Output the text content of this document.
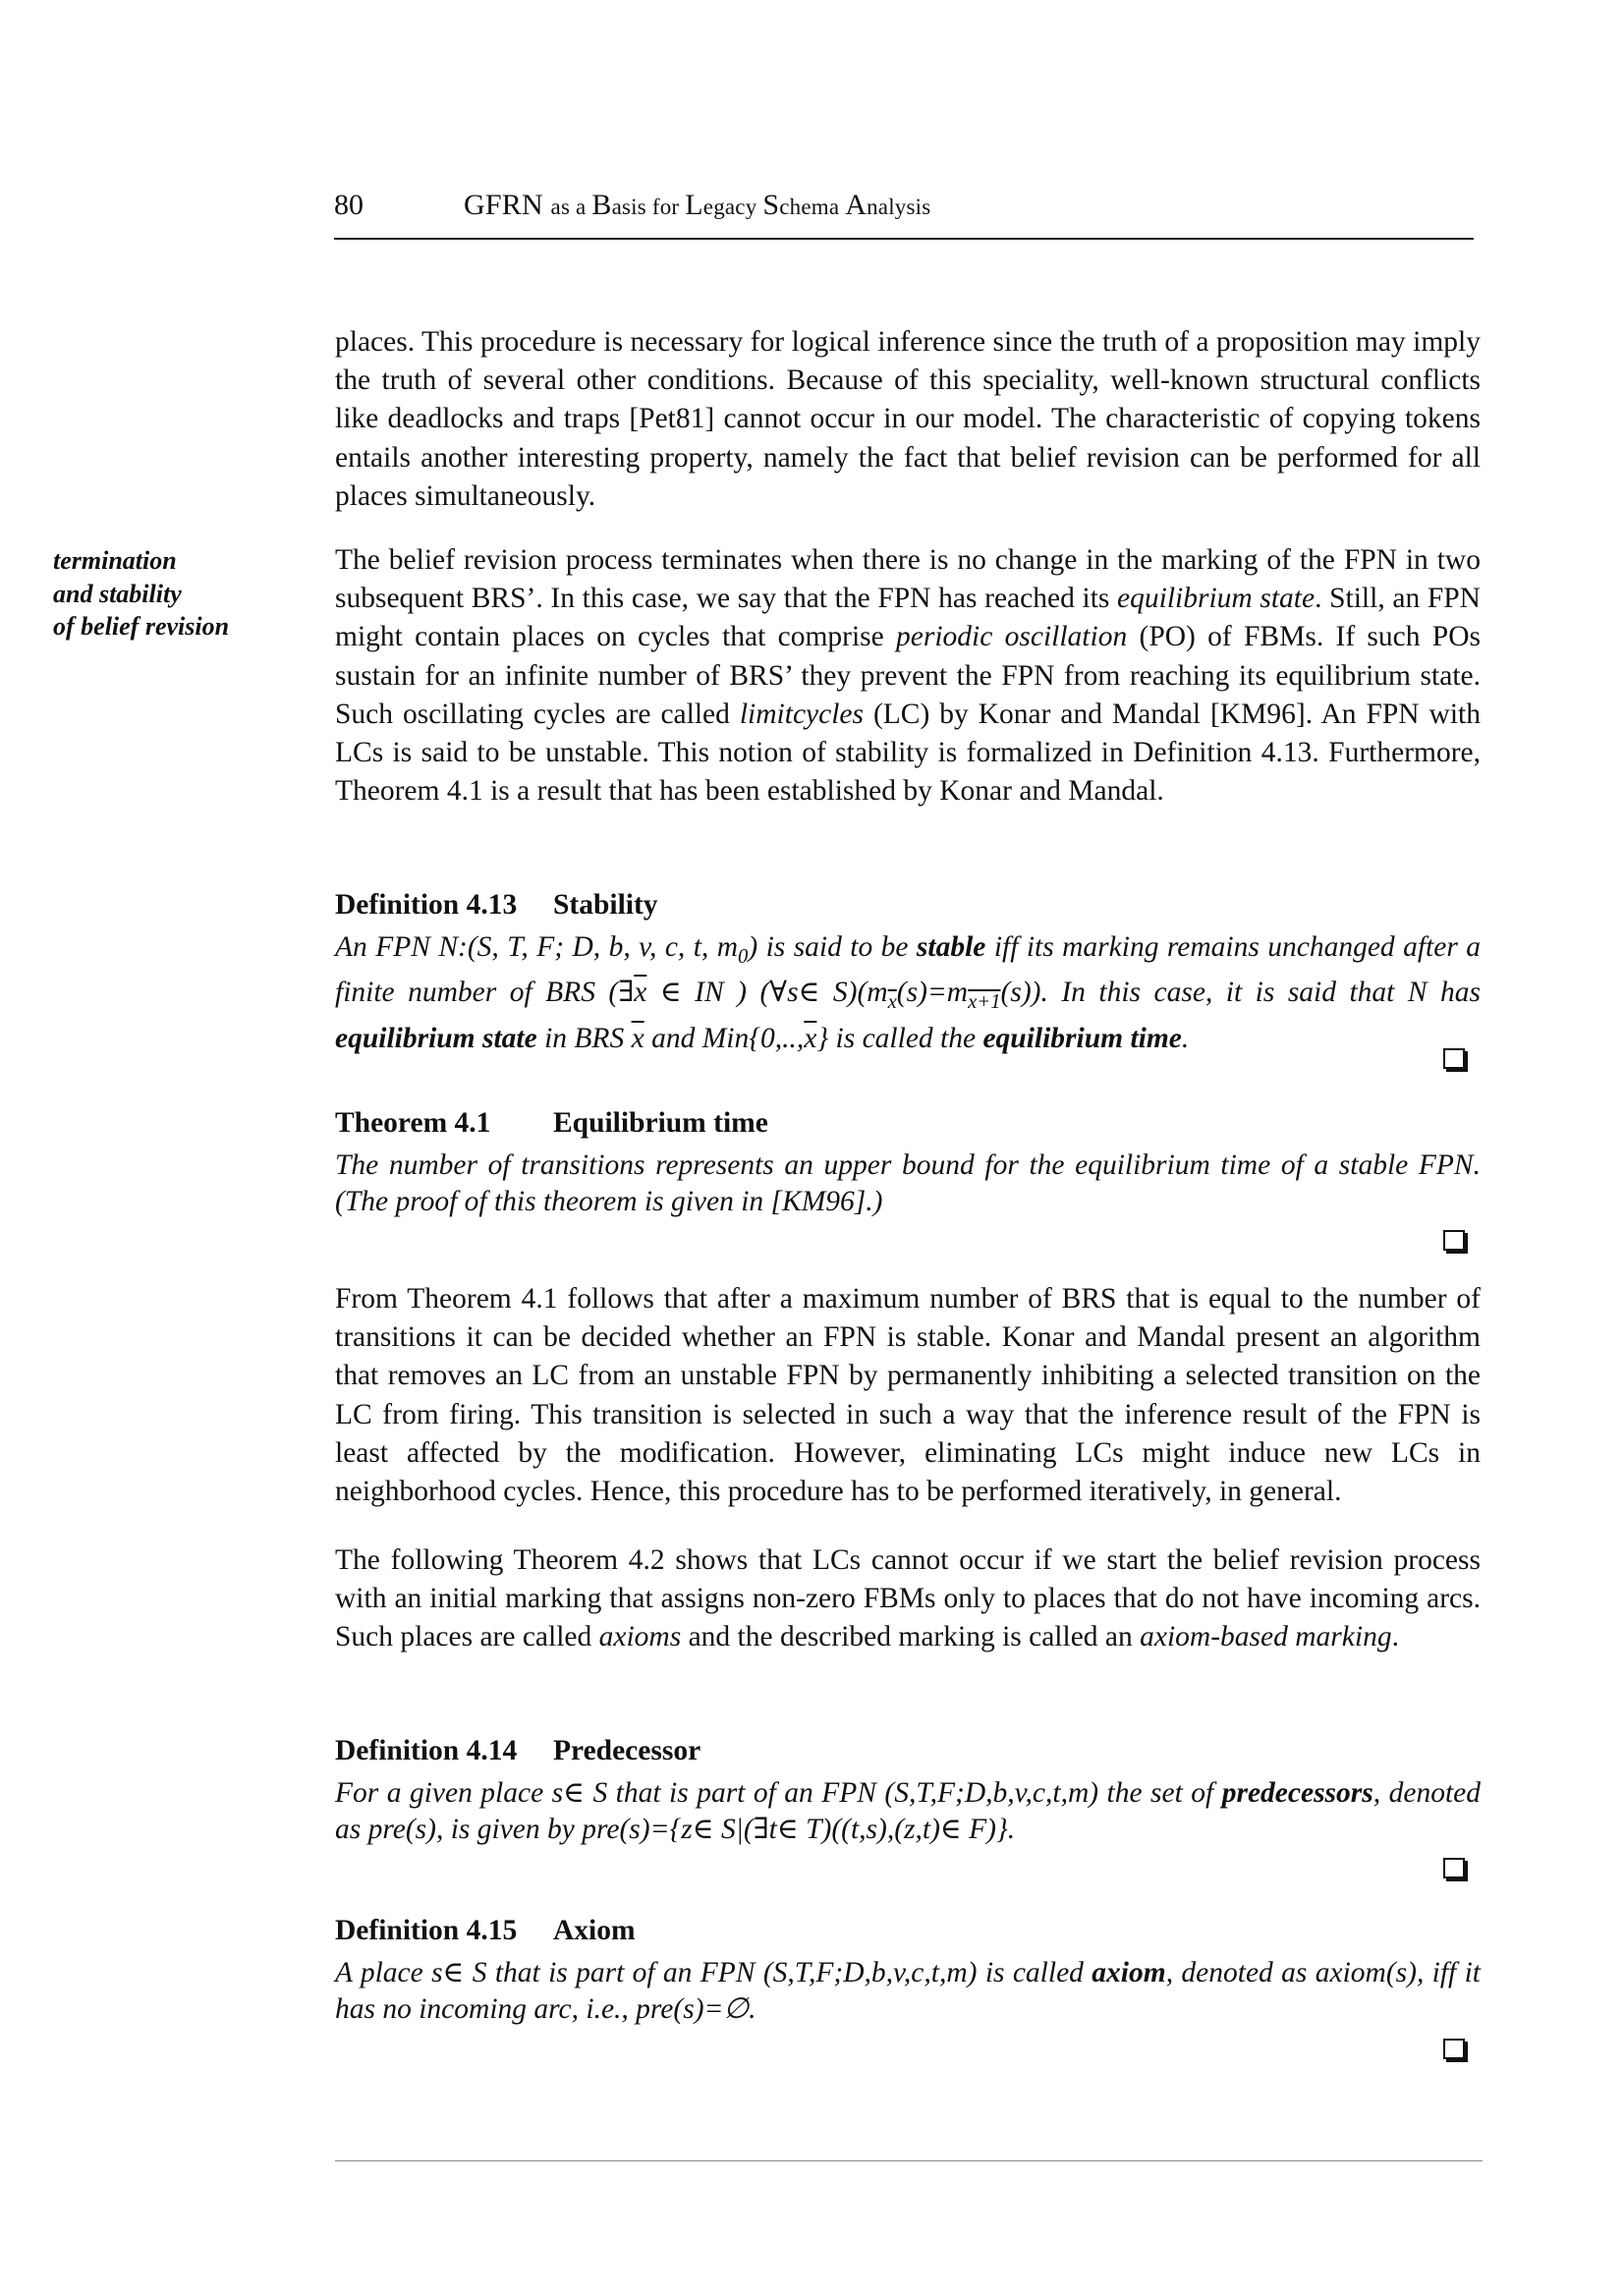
80	GFRN as a Basis for Legacy Schema Analysis
termination
and stability
of belief revision

places. This procedure is necessary for logical inference since the truth of a proposition may imply the truth of several other conditions. Because of this speciality, well-known structural conflicts like deadlocks and traps [Pet81] cannot occur in our model. The characteristic of copying tokens entails another interesting property, namely the fact that belief revision can be performed for all places simultaneously.

The belief revision process terminates when there is no change in the marking of the FPN in two subsequent BRS’. In this case, we say that the FPN has reached its equilibrium state. Still, an FPN might contain places on cycles that comprise periodic oscillation (PO) of FBMs. If such POs sustain for an infinite number of BRS’ they prevent the FPN from reaching its equilibrium state. Such oscillating cycles are called limitcycles (LC) by Konar and Mandal [KM96]. An FPN with LCs is said to be unstable. This notion of stability is formalized in Definition 4.13. Furthermore, Theorem 4.1 is a result that has been established by Konar and Mandal.

Definition 4.13 Stability

An FPN N:(S, T, F; D, b, v, c, t, $m_0$) is said to be stable iff its marking remains unchanged after a finite number of BRS ($\exists\overline{x}$ ∈ IN ) (∀s∈ $S)(m_{\overline{x}}(s)=m_{x+1}(s))$. In this case, it is said that N has equilibrium state in BRS $\overline{x}$ and $Min\{0,..,\overline{x}\}$ is called the equilibrium time.

Theorem 4.1 Equilibrium time

The number of transitions represents an upper bound for the equilibrium time of a stable FPN. (The proof of this theorem is given in [KM96].)

From Theorem 4.1 follows that after a maximum number of BRS that is equal to the number of transitions it can be decided whether an FPN is stable. Konar and Mandal present an algorithm that removes an LC from an unstable FPN by permanently inhibiting a selected transition on the LC from firing. This transition is selected in such a way that the inference result of the FPN is least affected by the modification. However, eliminating LCs might induce new LCs in neighborhood cycles. Hence, this procedure has to be performed iteratively, in general.

The following Theorem 4.2 shows that LCs cannot occur if we start the belief revision process with an initial marking that assigns non-zero FBMs only to places that do not have incoming arcs. Such places are called axioms and the described marking is called an axiom-based marking.

Definition 4.14 Predecessor

For a given place s∈ S that is part of an FPN (S,T,F;D,b,v,c,t,m) the set of predecessors, denoted as pre(s), is given by pre(s)={z∈ S|(∃t∈ T)((t,s),(z,t)∈ F)}.

Definition 4.15 Axiom

A place s∈ S that is part of an FPN (S,T,F;D,b,v,c,t,m) is called axiom, denoted as axiom(s), iff it has no incoming arc, i.e., pre(s)=∅.
